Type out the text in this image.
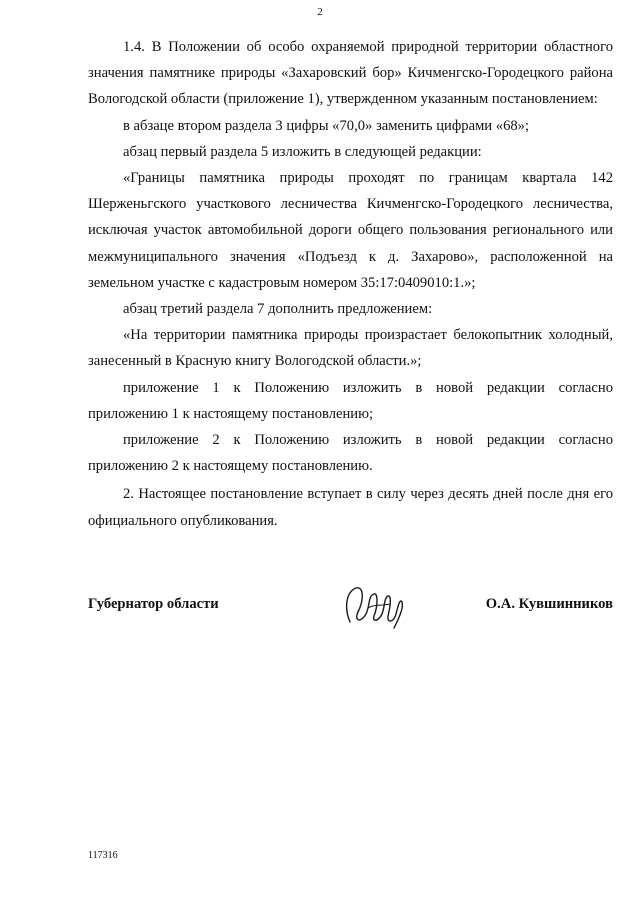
2

1.4. В Положении об особо охраняемой природной территории областного значения памятнике природы «Захаровский бор» Кичменгско-Городецкого района Вологодской области (приложение 1), утвержденном указанным постановлением:

в абзаце втором раздела 3 цифры «70,0» заменить цифрами «68»;

абзац первый раздела 5 изложить в следующей редакции:

«Границы памятника природы проходят по границам квартала 142 Шерженьгского участкового лесничества Кичменгско-Городецкого лесничества, исключая участок автомобильной дороги общего пользования регионального или межмуниципального значения «Подъезд к д. Захарово», расположенной на земельном участке с кадастровым номером 35:17:0409010:1.»;

абзац третий раздела 7 дополнить предложением:

«На территории памятника природы произрастает белокопытник холодный, занесенный в Красную книгу Вологодской области.»;

приложение 1 к Положению изложить в новой редакции согласно приложению 1 к настоящему постановлению;

приложение 2 к Положению изложить в новой редакции согласно приложению 2 к настоящему постановлению.

2. Настоящее постановление вступает в силу через десять дней после дня его официального опубликования.

Губернатор области	О.А. Кувшинников
117316
